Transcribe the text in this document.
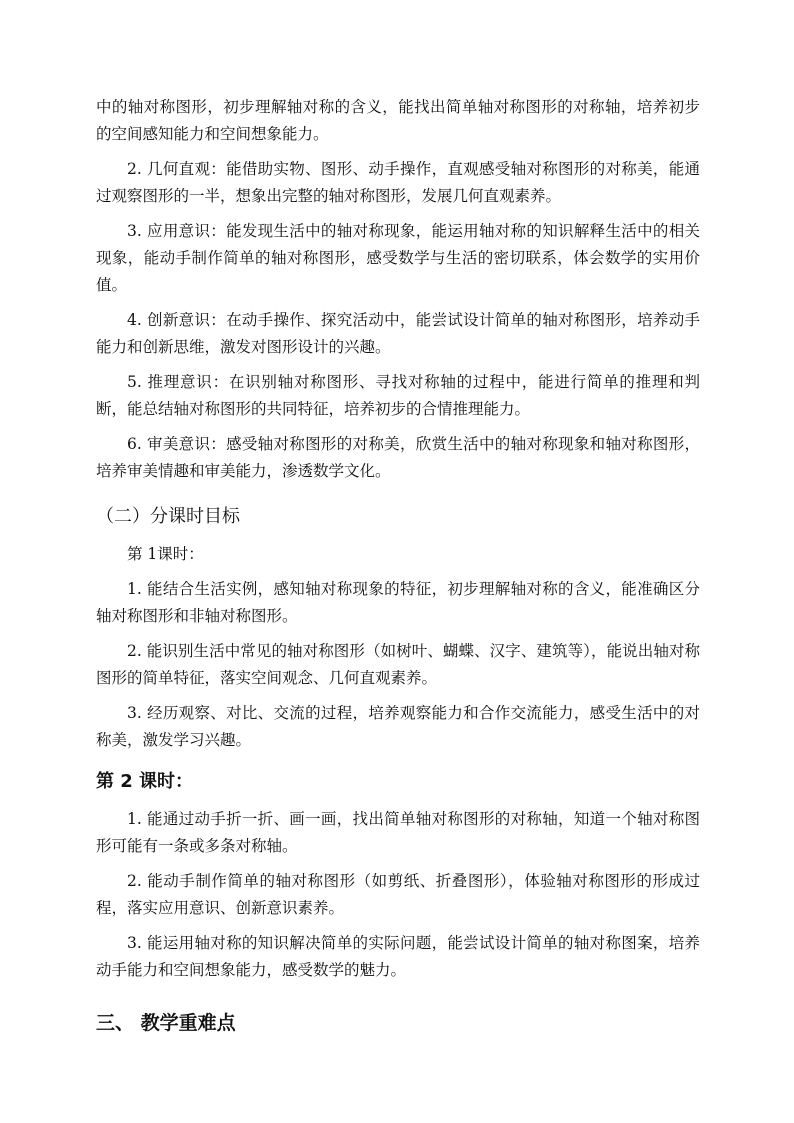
中的轴对称图形，初步理解轴对称的含义，能找出简单轴对称图形的对称轴，培养初步的空间感知能力和空间想象能力。

2. 几何直观：能借助实物、图形、动手操作，直观感受轴对称图形的对称美，能通过观察图形的一半，想象出完整的轴对称图形，发展几何直观素养。

3. 应用意识：能发现生活中的轴对称现象，能运用轴对称的知识解释生活中的相关现象，能动手制作简单的轴对称图形，感受数学与生活的密切联系，体会数学的实用价值。

4. 创新意识：在动手操作、探究活动中，能尝试设计简单的轴对称图形，培养动手能力和创新思维，激发对图形设计的兴趣。

5. 推理意识：在识别轴对称图形、寻找对称轴的过程中，能进行简单的推理和判断，能总结轴对称图形的共同特征，培养初步的合情推理能力。

6. 审美意识：感受轴对称图形的对称美，欣赏生活中的轴对称现象和轴对称图形，培养审美情趣和审美能力，渗透数学文化。

（二）分课时目标

第 1课时：

1. 能结合生活实例，感知轴对称现象的特征，初步理解轴对称的含义，能准确区分轴对称图形和非轴对称图形。

2. 能识别生活中常见的轴对称图形（如树叶、蝴蝶、汉字、建筑等），能说出轴对称图形的简单特征，落实空间观念、几何直观素养。

3. 经历观察、对比、交流的过程，培养观察能力和合作交流能力，感受生活中的对称美，激发学习兴趣。

第 2 课时：

1. 能通过动手折一折、画一画，找出简单轴对称图形的对称轴，知道一个轴对称图形可能有一条或多条对称轴。

2. 能动手制作简单的轴对称图形（如剪纸、折叠图形），体验轴对称图形的形成过程，落实应用意识、创新意识素养。

3. 能运用轴对称的知识解决简单的实际问题，能尝试设计简单的轴对称图案，培养动手能力和空间想象能力，感受数学的魅力。

三、 教学重难点
